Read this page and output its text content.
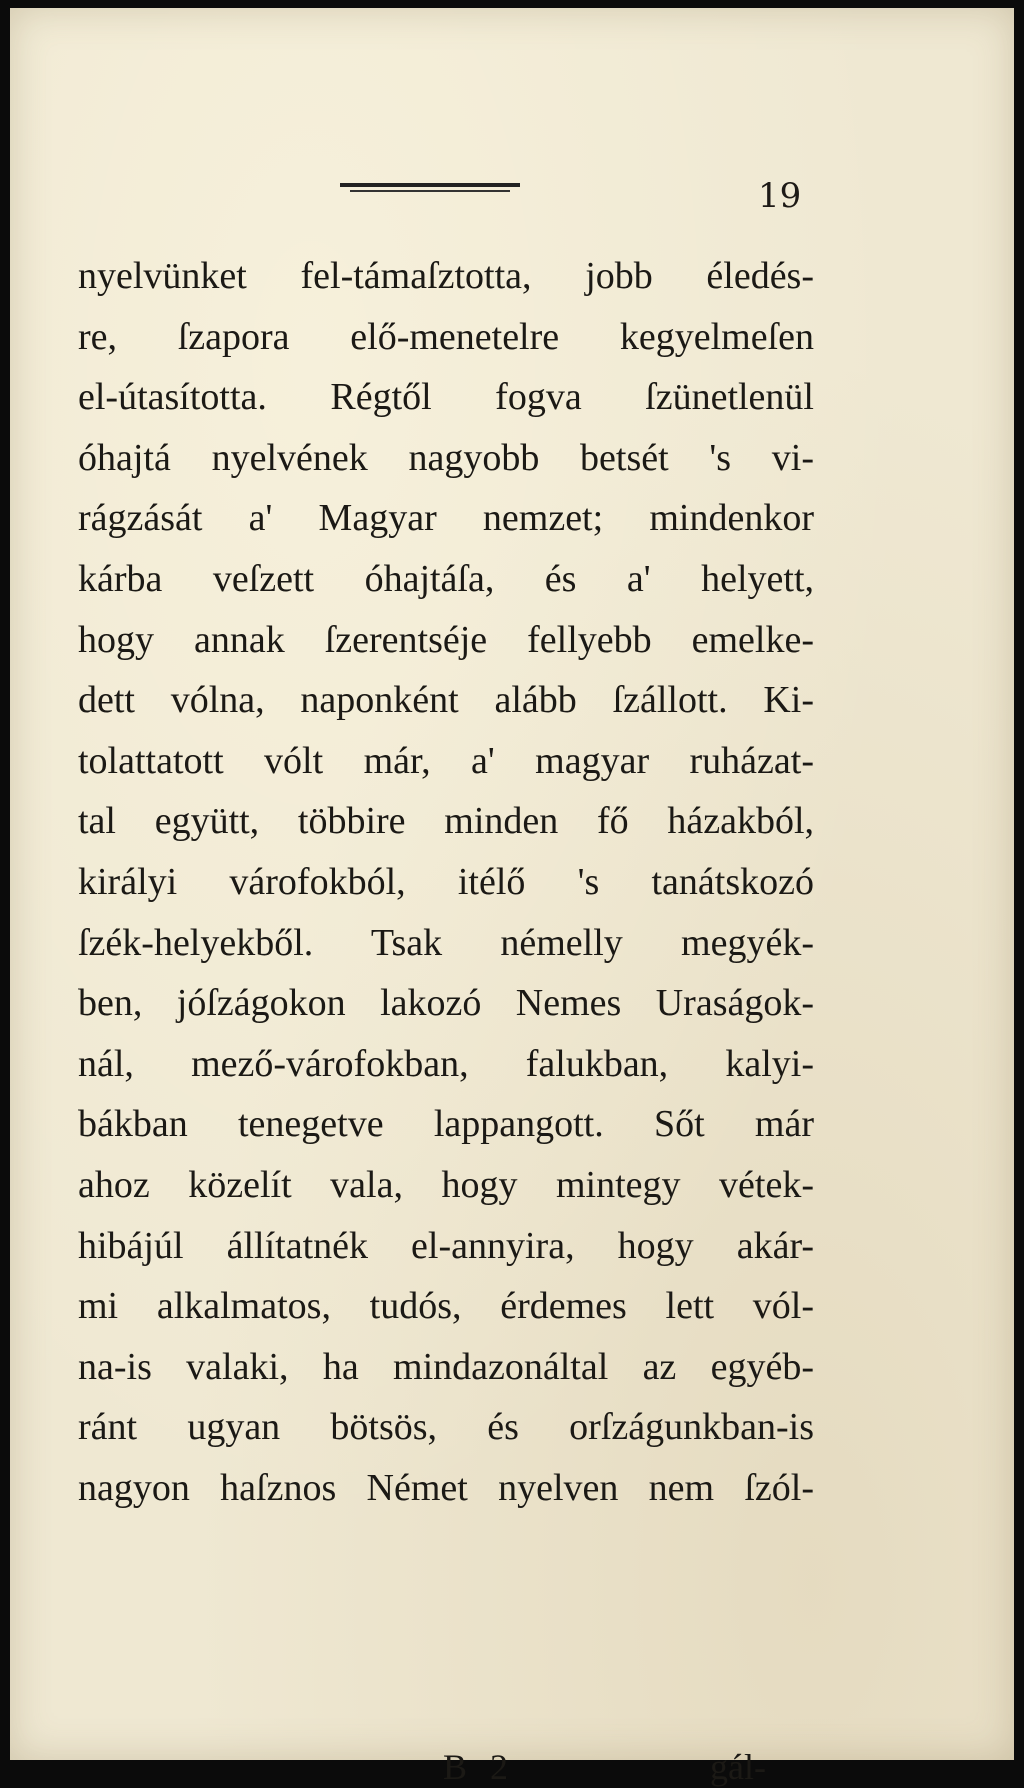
19
nyelvünket fel-támaſztotta, jobb éledés-
re, ſzapora elő-menetelre kegyelmeſen
el-útasította. Régtől fogva ſzünetlenül
óhajtá nyelvének nagyobb betsét 's vi-
rágzását a' Magyar nemzet; mindenkor
kárba veſzett óhajtáſa, és a' helyett,
hogy annak ſzerentséje fellyebb emelke-
dett vólna, naponként alább ſzállott. Ki-
tolattatott vólt már, a' magyar ruházat-
tal együtt, többire minden fő házakból,
királyi várofokból, itélő 's tanátskozó
ſzék-helyekből. Tsak némelly megyék-
ben, jóſzágokon lakozó Nemes Uraságok-
nál, mező-várofokban, falukban, kalyi-
bákban tenegetve lappangott. Sőt már
ahoz közelít vala, hogy mintegy vétek-
hibájúl állítatnék el-annyira, hogy akár-
mi alkalmatos, tudós, érdemes lett vól-
na-is valaki, ha mindazonáltal az egyéb-
ránt ugyan bötsös, és orſzágunkban-is
nagyon haſznos Német nyelven nem ſzól-
B 2	gál-
